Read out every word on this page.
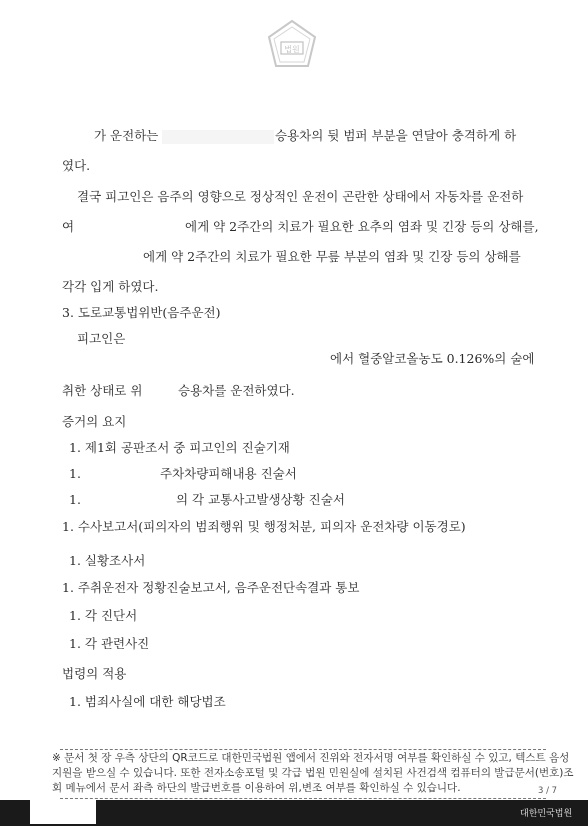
법원
가 운전하는	승용차의 뒷 범퍼 부분을 연달아 충격하게 하
였다.
결국 피고인은 음주의 영향으로 정상적인 운전이 곤란한 상태에서 자동차를 운전하
여	에게 약 2주간의 치료가 필요한 요추의 염좌 및 긴장 등의 상해를,
에게 약 2주간의 치료가 필요한 무릎 부분의 염좌 및 긴장 등의 상해를
각각 입게 하였다.
3. 도로교통법위반(음주운전)
피고인은
에서 혈중알코올농도 0.126%의 술에
취한 상태로 위	승용차를 운전하였다.
증거의 요지
1. 제1회 공판조서 중 피고인의 진술기재
1.	주차차량피해내용 진술서
1.	의 각 교통사고발생상황 진술서
1. 수사보고서(피의자의 범죄행위 및 행정처분, 피의자 운전차량 이동경로)
1. 실황조사서
1. 주취운전자 정황진술보고서, 음주운전단속결과 통보
1. 각 진단서
1. 각 관련사진
법령의 적용
1. 범죄사실에 대한 해당법조
※ 문서 첫 장 우측 상단의 QR코드로 대한민국법원 앱에서 진위와 전자서명 여부를 확인하실 수 있고, 텍스트 음성
지원을 받으실 수 있습니다. 또한 전자소송포털 및 각급 법원 민원실에 설치된 사건검색 컴퓨터의 발급문서(번호)조
회 메뉴에서 문서 좌측 하단의 발급번호를 이용하여 위,변조 여부를 확인하실 수 있습니다.	3 / 7
대한민국법원
